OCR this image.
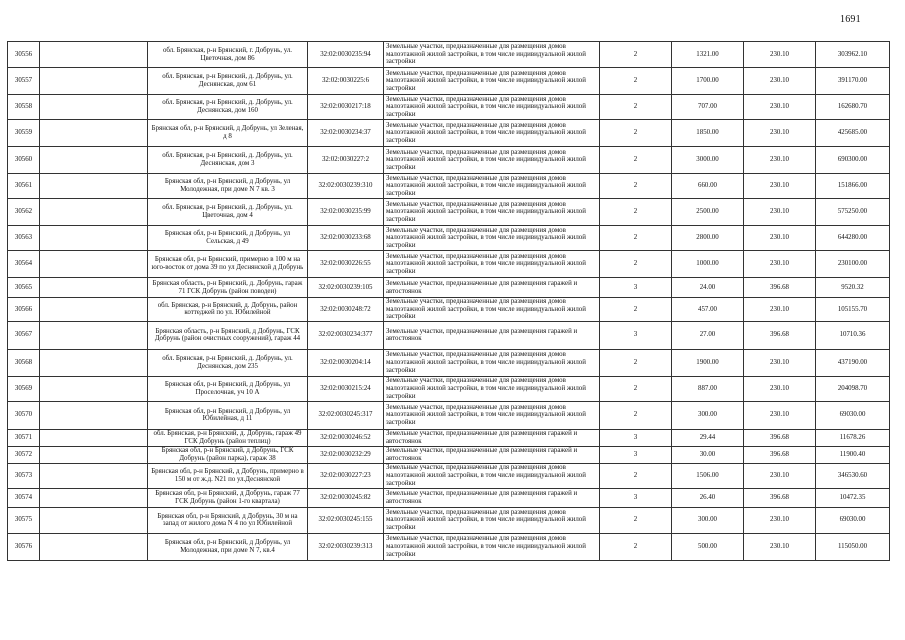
1691
30556		обл. Брянская, р-н Брянский, г. Добрунь, ул. Цветочная, дом 86	32:02:0030235:94	Земельные участки, предназначенные для размещения домов малоэтажной жилой застройки, в том числе индивидуальной жилой застройки	2	1321.00	230.10	303962.10
30557		обл. Брянская, р-н Брянский, д. Добрунь, ул. Деснянская, дом 61	32:02:0030225:6	Земельные участки, предназначенные для размещения домов малоэтажной жилой застройки, в том числе индивидуальной жилой застройки	2	1700.00	230.10	391170.00
30558		обл. Брянская, р-н Брянский, д. Добрунь, ул. Деснянская, дом 160	32:02:0030217:18	Земельные участки, предназначенные для размещения домов малоэтажной жилой застройки, в том числе индивидуальной жилой застройки	2	707.00	230.10	162680.70
30559		Брянская обл, р-н Брянский, д Добрунь, ул Зеленая, д 8	32:02:0030234:37	Земельные участки, предназначенные для размещения домов малоэтажной жилой застройки, в том числе индивидуальной жилой застройки	2	1850.00	230.10	425685.00
30560		обл. Брянская, р-н Брянский, д. Добрунь, ул. Деснянская, дом 3	32:02:0030227:2	Земельные участки, предназначенные для размещения домов малоэтажной жилой застройки, в том числе индивидуальной жилой застройки	2	3000.00	230.10	690300.00
30561		Брянская обл, р-н Брянский, д Добрунь, ул Молодежная, при доме N 7 кв. 3	32:02:0030239:310	Земельные участки, предназначенные для размещения домов малоэтажной жилой застройки, в том числе индивидуальной жилой застройки	2	660.00	230.10	151866.00
30562		обл. Брянская, р-н Брянский, д. Добрунь, ул. Цветочная, дом 4	32:02:0030235:99	Земельные участки, предназначенные для размещения домов малоэтажной жилой застройки, в том числе индивидуальной жилой застройки	2	2500.00	230.10	575250.00
30563		Брянская обл, р-н Брянский, д Добрунь, ул Сельская, д 49	32:02:0030233:68	Земельные участки, предназначенные для размещения домов малоэтажной жилой застройки, в том числе индивидуальной жилой застройки	2	2800.00	230.10	644280.00
30564		Брянская обл, р-н Брянский, примерно в 100 м на юго-восток от дома 39 по ул Деснянской д Добрунь	32:02:0030226:55	Земельные участки, предназначенные для размещения домов малоэтажной жилой застройки, в том числе индивидуальной жилой застройки	2	1000.00	230.10	230100.00
30565		Брянская область, р-н Брянский, д. Добрунь, гараж 71 ГСК Добрунь (район поводеи)	32:02:0030239:105	Земельные участки, предназначенные для размещения гаражей и автостоянок	3	24.00	396.68	9520.32
30566		обл. Брянская, р-н Брянский, д. Добрунь, район коттеджей по ул. Юбилейной	32:02:0030248:72	Земельные участки, предназначенные для размещения домов малоэтажной жилой застройки, в том числе индивидуальной жилой застройки	2	457.00	230.10	105155.70
30567		Брянская область, р-н Брянский, д Добрунь, ГСК Добрунь (район очистных сооружений), гараж 44	32:02:0030234:377	Земельные участки, предназначенные для размещения гаражей и автостоянок	3	27.00	396.68	10710.36
30568		обл. Брянская, р-н Брянский, д. Добрунь, ул. Деснянская, дом 235	32:02:0030204:14	Земельные участки, предназначенные для размещения домов малоэтажной жилой застройки, в том числе индивидуальной жилой застройки	2	1900.00	230.10	437190.00
30569		Брянская обл, р-н Брянский, д Добрунь, ул Проселочная, уч 10 А	32:02:0030215:24	Земельные участки, предназначенные для размещения домов малоэтажной жилой застройки, в том числе индивидуальной жилой застройки	2	887.00	230.10	204098.70
30570		Брянская обл, р-н Брянский, д Добрунь, ул Юбилейная, д 11	32:02:0030245:317	Земельные участки, предназначенные для размещения домов малоэтажной жилой застройки, в том числе индивидуальной жилой застройки	2	300.00	230.10	69030.00
30571		обл. Брянская, р-н Брянский, д. Добрунь, гараж 49 ГСК Добрунь (район теплиц)	32:02:0030246:52	Земельные участки, предназначенные для размещения гаражей и автостоянок	3	29.44	396.68	11678.26
30572		Брянская обл, р-н Брянский, д Добрунь, ГСК Добрунь (район парка), гараж 38	32:02:0030232:29	Земельные участки, предназначенные для размещения гаражей и автостоянок	3	30.00	396.68	11900.40
30573		Брянская обл, р-н Брянский, д Добрунь, примерно в 150 м от ж.д. N21 по ул.Деснянской	32:02:0030227:23	Земельные участки, предназначенные для размещения домов малоэтажной жилой застройки, в том числе индивидуальной жилой застройки	2	1506.00	230.10	346530.60
30574		Брянская обл, р-н Брянский, д Добрунь, гараж 77 ГСК Добрунь (район 1-го квартала)	32:02:0030245:82	Земельные участки, предназначенные для размещения гаражей и автостоянок	3	26.40	396.68	10472.35
30575		Брянская обл, р-н Брянский, д Добрунь, 30 м на запад от жилого дома N 4 по ул Юбилейной	32:02:0030245:155	Земельные участки, предназначенные для размещения домов малоэтажной жилой застройки, в том числе индивидуальной жилой застройки	2	300.00	230.10	69030.00
30576		Брянская обл, р-н Брянский, д Добрунь, ул Молодежная, при доме N 7, кв.4	32:02:0030239:313	Земельные участки, предназначенные для размещения домов малоэтажной жилой застройки, в том числе индивидуальной жилой застройки	2	500.00	230.10	115050.00
